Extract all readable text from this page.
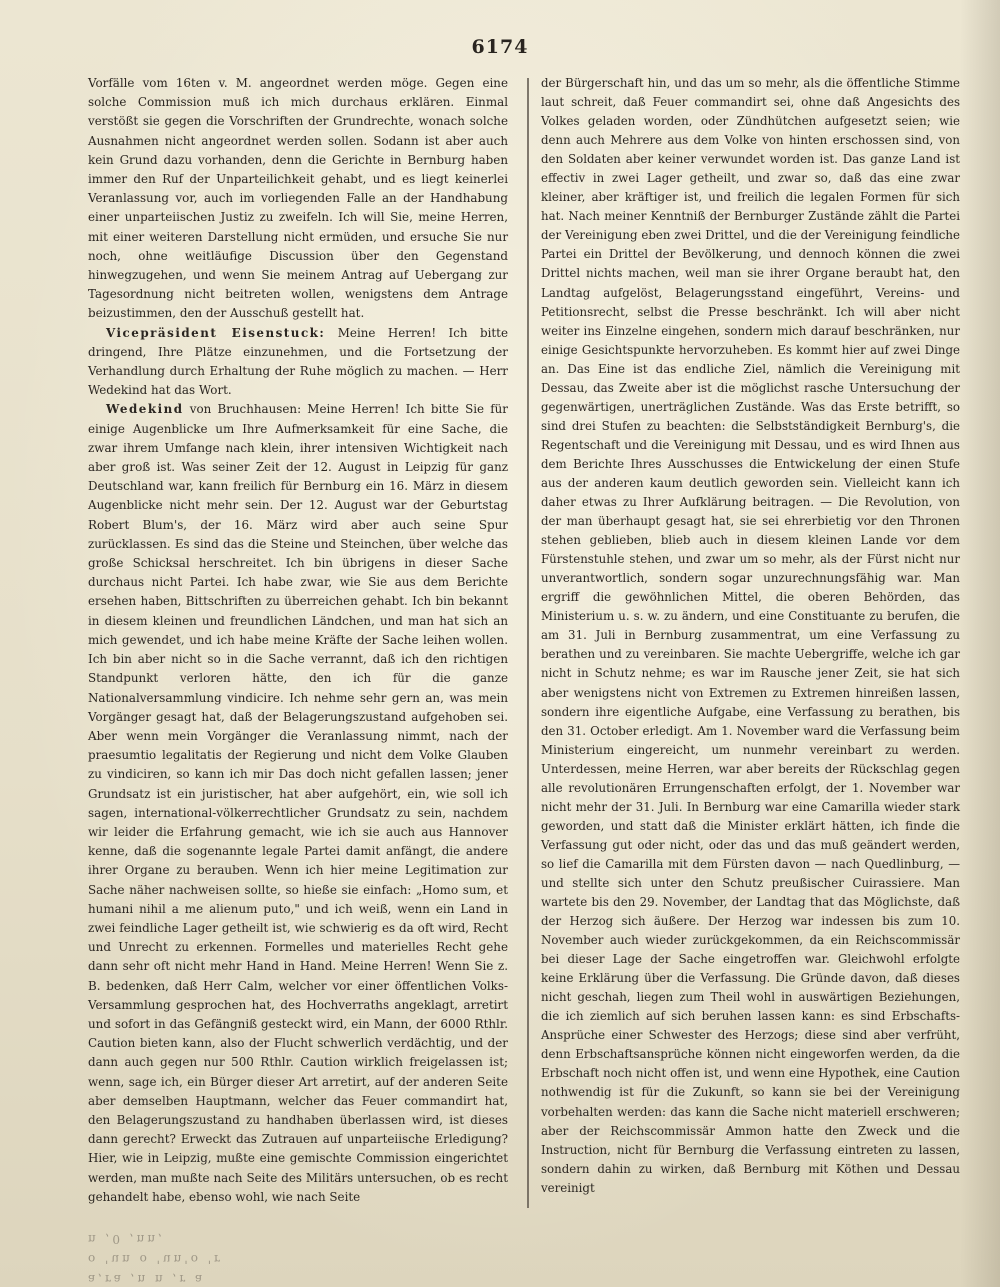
6174

Vorfälle vom 16ten v. M. angeordnet werden möge. Gegen eine solche Commission muß ich mich durchaus erklären. Einmal verstößt sie gegen die Vorschriften der Grundrechte, wonach solche Ausnahmen nicht angeordnet werden sollen. Sodann ist aber auch kein Grund dazu vorhanden, denn die Gerichte in Bernburg haben immer den Ruf der Unparteilichkeit gehabt, und es liegt keinerlei Veranlassung vor, auch im vorliegenden Falle an der Handhabung einer unparteiischen Justiz zu zweifeln. Ich will Sie, meine Herren, mit einer weiteren Darstellung nicht ermüden, und ersuche Sie nur noch, ohne weitläufige Discussion über den Gegenstand hinwegzugehen, und wenn Sie meinem Antrag auf Uebergang zur Tagesordnung nicht beitreten wollen, wenigstens dem Antrage beizustimmen, den der Ausschuß gestellt hat.

Vicepräsident Eisenstuck: Meine Herren! Ich bitte dringend, Ihre Plätze einzunehmen, und die Fortsetzung der Verhandlung durch Erhaltung der Ruhe möglich zu machen. — Herr Wedekind hat das Wort.

Wedekind von Bruchhausen: Meine Herren! Ich bitte Sie für einige Augenblicke um Ihre Aufmerksamkeit für eine Sache, die zwar ihrem Umfange nach klein, ihrer intensiven Wichtigkeit nach aber groß ist. Was seiner Zeit der 12. August in Leipzig für ganz Deutschland war, kann freilich für Bernburg ein 16. März in diesem Augenblicke nicht mehr sein. Der 12. August war der Geburtstag Robert Blum's, der 16. März wird aber auch seine Spur zurücklassen. Es sind das die Steine und Steinchen, über welche das große Schicksal herschreitet. Ich bin übrigens in dieser Sache durchaus nicht Partei. Ich habe zwar, wie Sie aus dem Berichte ersehen haben, Bittschriften zu überreichen gehabt. Ich bin bekannt in diesem kleinen und freundlichen Ländchen, und man hat sich an mich gewendet, und ich habe meine Kräfte der Sache leihen wollen. Ich bin aber nicht so in die Sache verrannt, daß ich den richtigen Standpunkt verloren hätte, den ich für die ganze Nationalversammlung vindicire. Ich nehme sehr gern an, was mein Vorgänger gesagt hat, daß der Belagerungszustand aufgehoben sei. Aber wenn mein Vorgänger die Veranlassung nimmt, nach der praesumtio legalitatis der Regierung und nicht dem Volke Glauben zu vindiciren, so kann ich mir Das doch nicht gefallen lassen; jener Grundsatz ist ein juristischer, hat aber aufgehört, ein, wie soll ich sagen, international-völkerrechtlicher Grundsatz zu sein, nachdem wir leider die Erfahrung gemacht, wie ich sie auch aus Hannover kenne, daß die sogenannte legale Partei damit anfängt, die andere ihrer Organe zu berauben. Wenn ich hier meine Legitimation zur Sache näher nachweisen sollte, so hieße sie einfach: „Homo sum, et humani nihil a me alienum puto," und ich weiß, wenn ein Land in zwei feindliche Lager getheilt ist, wie schwierig es da oft wird, Recht und Unrecht zu erkennen. Formelles und materielles Recht gehe dann sehr oft nicht mehr Hand in Hand. Meine Herren! Wenn Sie z. B. bedenken, daß Herr Calm, welcher vor einer öffentlichen Volks-Versammlung gesprochen hat, des Hochverraths angeklagt, arretirt und sofort in das Gefängniß gesteckt wird, ein Mann, der 6000 Rthlr. Caution bieten kann, also der Flucht schwerlich verdächtig, und der dann auch gegen nur 500 Rthlr. Caution wirklich freigelassen ist; wenn, sage ich, ein Bürger dieser Art arretirt, auf der anderen Seite aber demselben Hauptmann, welcher das Feuer commandirt hat, den Belagerungszustand zu handhaben überlassen wird, ist dieses dann gerecht? Erweckt das Zutrauen auf unparteiische Erledigung? Hier, wie in Leipzig, mußte eine gemischte Commission eingerichtet werden, man mußte nach Seite des Militärs untersuchen, ob es recht gehandelt habe, ebenso wohl, wie nach Seite

der Bürgerschaft hin, und das um so mehr, als die öffentliche Stimme laut schreit, daß Feuer commandirt sei, ohne daß Angesichts des Volkes geladen worden, oder Zündhütchen aufgesetzt seien; wie denn auch Mehrere aus dem Volke von hinten erschossen sind, von den Soldaten aber keiner verwundet worden ist. Das ganze Land ist effectiv in zwei Lager getheilt, und zwar so, daß das eine zwar kleiner, aber kräftiger ist, und freilich die legalen Formen für sich hat. Nach meiner Kenntniß der Bernburger Zustände zählt die Partei der Vereinigung eben zwei Drittel, und die der Vereinigung feindliche Partei ein Drittel der Bevölkerung, und dennoch können die zwei Drittel nichts machen, weil man sie ihrer Organe beraubt hat, den Landtag aufgelöst, Belagerungsstand eingeführt, Vereins- und Petitionsrecht, selbst die Presse beschränkt. Ich will aber nicht weiter ins Einzelne eingehen, sondern mich darauf beschränken, nur einige Gesichtspunkte hervorzuheben. Es kommt hier auf zwei Dinge an. Das Eine ist das endliche Ziel, nämlich die Vereinigung mit Dessau, das Zweite aber ist die möglichst rasche Untersuchung der gegenwärtigen, unerträglichen Zustände. Was das Erste betrifft, so sind drei Stufen zu beachten: die Selbstständigkeit Bernburg's, die Regentschaft und die Vereinigung mit Dessau, und es wird Ihnen aus dem Berichte Ihres Ausschusses die Entwickelung der einen Stufe aus der anderen kaum deutlich geworden sein. Vielleicht kann ich daher etwas zu Ihrer Aufklärung beitragen. — Die Revolution, von der man überhaupt gesagt hat, sie sei ehrerbietig vor den Thronen stehen geblieben, blieb auch in diesem kleinen Lande vor dem Fürstenstuhle stehen, und zwar um so mehr, als der Fürst nicht nur unverantwortlich, sondern sogar unzurechnungsfähig war. Man ergriff die gewöhnlichen Mittel, die oberen Behörden, das Ministerium u. s. w. zu ändern, und eine Constituante zu berufen, die am 31. Juli in Bernburg zusammentrat, um eine Verfassung zu berathen und zu vereinbaren. Sie machte Uebergriffe, welche ich gar nicht in Schutz nehme; es war im Rausche jener Zeit, sie hat sich aber wenigstens nicht von Extremen zu Extremen hinreißen lassen, sondern ihre eigentliche Aufgabe, eine Verfassung zu berathen, bis den 31. October erledigt. Am 1. November ward die Verfassung beim Ministerium eingereicht, um nunmehr vereinbart zu werden. Unterdessen, meine Herren, war aber bereits der Rückschlag gegen alle revolutionären Errungenschaften erfolgt, der 1. November war nicht mehr der 31. Juli. In Bernburg war eine Camarilla wieder stark geworden, und statt daß die Minister erklärt hätten, ich finde die Verfassung gut oder nicht, oder das und das muß geändert werden, so lief die Camarilla mit dem Fürsten davon — nach Quedlinburg, — und stellte sich unter den Schutz preußischer Cuirassiere. Man wartete bis den 29. November, der Landtag that das Möglichste, daß der Herzog sich äußere. Der Herzog war indessen bis zum 10. November auch wieder zurückgekommen, da ein Reichscommissär bei dieser Lage der Sache eingetroffen war. Gleichwohl erfolgte keine Erklärung über die Verfassung. Die Gründe davon, daß dieses nicht geschah, liegen zum Theil wohl in auswärtigen Beziehungen, die ich ziemlich auf sich beruhen lassen kann: es sind Erbschafts-Ansprüche einer Schwester des Herzogs; diese sind aber verfrüht, denn Erbschaftsansprüche können nicht eingeworfen werden, da die Erbschaft noch nicht offen ist, und wenn eine Hypothek, eine Caution nothwendig ist für die Zukunft, so kann sie bei der Vereinigung vorbehalten werden: das kann die Sache nicht materiell erschweren; aber der Reichscommissär Ammon hatte den Zweck und die Instruction, nicht für Bernburg die Verfassung eintreten zu lassen, sondern dahin zu wirken, daß Bernburg mit Köthen und Dessau vereinigt

n ,0 ,nn,
o 'un o 'un'o 'r
a,ra ,n n ,r a
